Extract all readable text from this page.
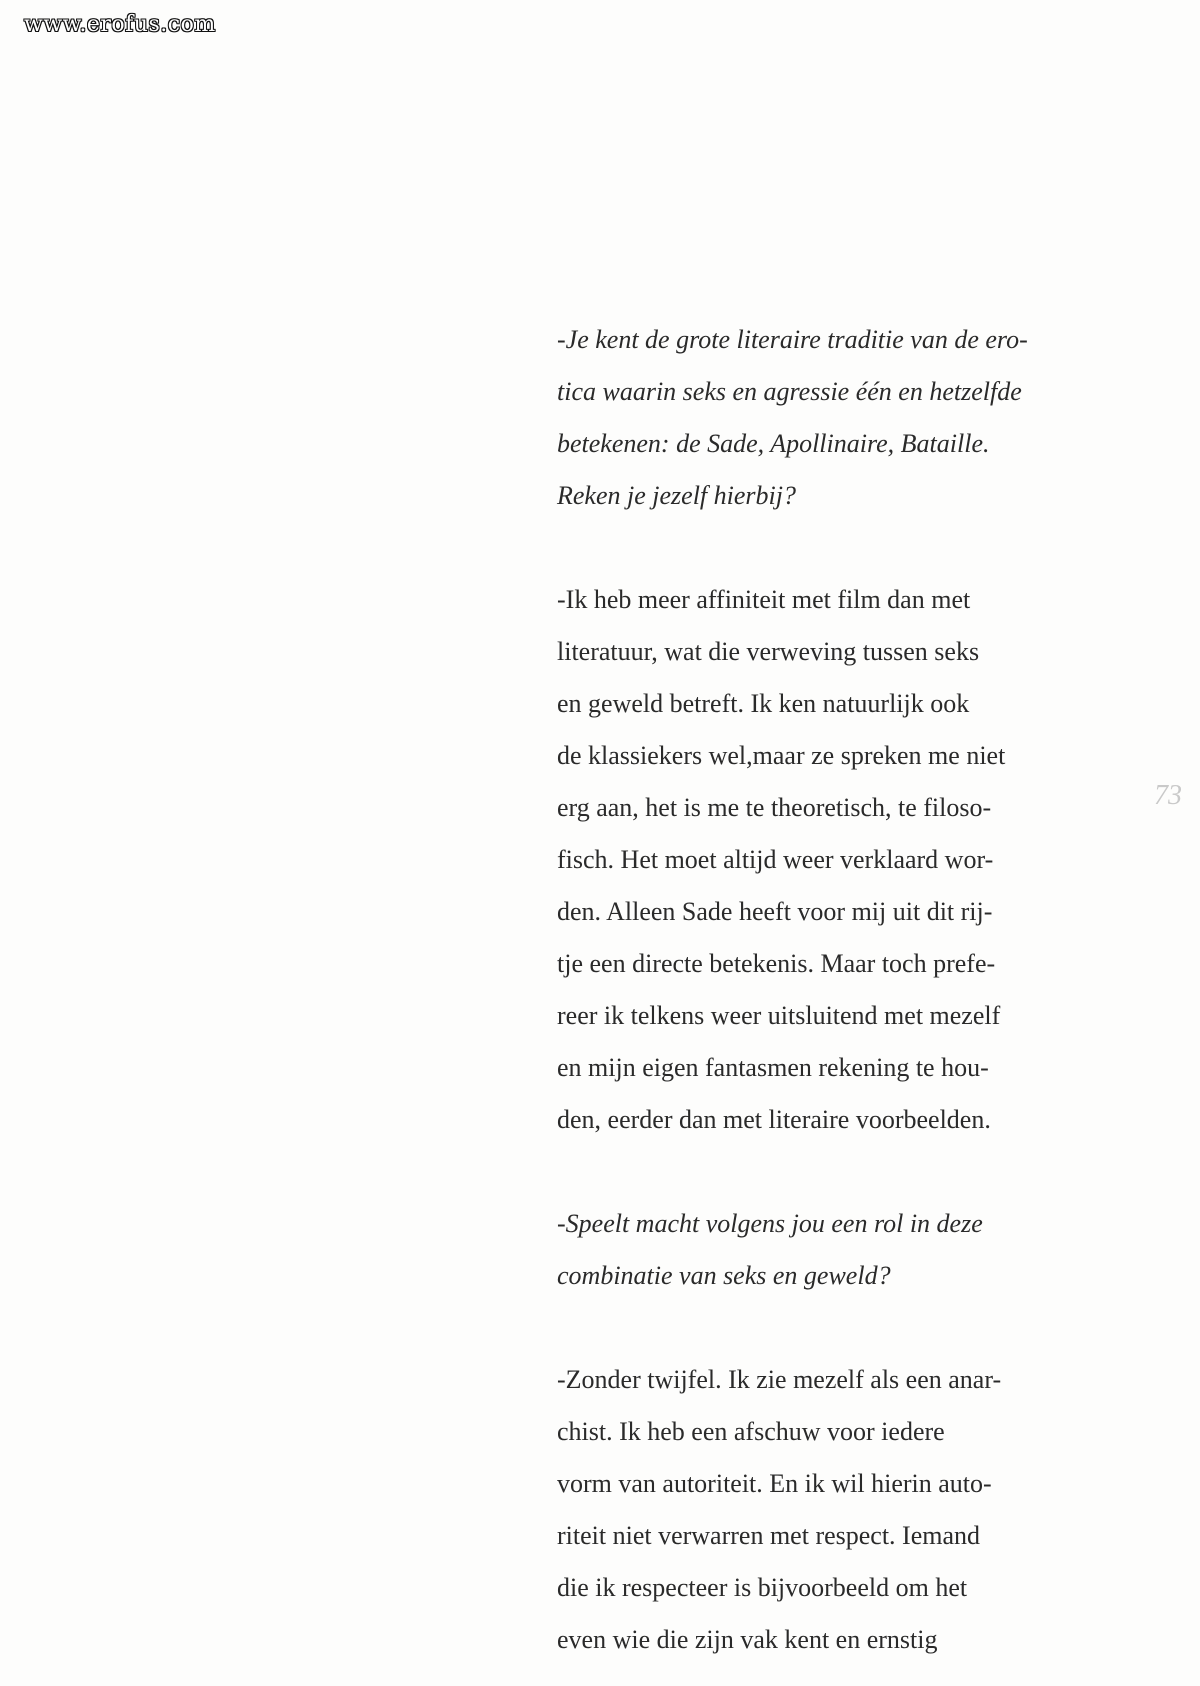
www.erofus.com

-Je kent de grote literaire traditie van de ero-
tica waarin seks en agressie één en hetzelfde
betekenen: de Sade, Apollinaire, Bataille.
Reken je jezelf hierbij?

-Ik heb meer affiniteit met film dan met
literatuur, wat die verweving tussen seks
en geweld betreft. Ik ken natuurlijk ook
de klassiekers wel,maar ze spreken me niet
erg aan, het is me te theoretisch, te filoso-
fisch. Het moet altijd weer verklaard wor-
den. Alleen Sade heeft voor mij uit dit rij-
tje een directe betekenis. Maar toch prefe-
reer ik telkens weer uitsluitend met mezelf
en mijn eigen fantasmen rekening te hou-
den, eerder dan met literaire voorbeelden.

-Speelt macht volgens jou een rol in deze
combinatie van seks en geweld?

-Zonder twijfel. Ik zie mezelf als een anar-
chist. Ik heb een afschuw voor iedere
vorm van autoriteit. En ik wil hierin auto-
riteit niet verwarren met respect. Iemand
die ik respecteer is bijvoorbeeld om het
even wie die zijn vak kent en ernstig

73
